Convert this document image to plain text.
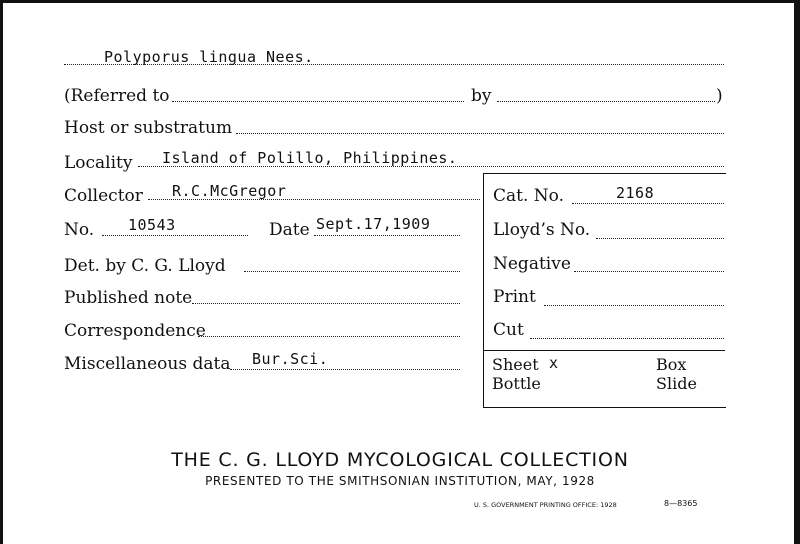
Polyporus lingua Nees.
(Referred to	by	)
Host or substratum
Locality Island of Polillo, Philippines.
Collector R.C.McGregor
No. 10543	Date Sept.17,1909
Det. by C. G. Lloyd
Published note
Correspondence
Miscellaneous data Bur.Sci.
Cat. No.	2168
Lloyd’s No.
Negative
Print
Cut
Sheet x	Box
Bottle	Slide
THE C. G. LLOYD MYCOLOGICAL COLLECTION
PRESENTED TO THE SMITHSONIAN INSTITUTION, MAY, 1928
U. S. GOVERNMENT PRINTING OFFICE: 1928	8—8365
